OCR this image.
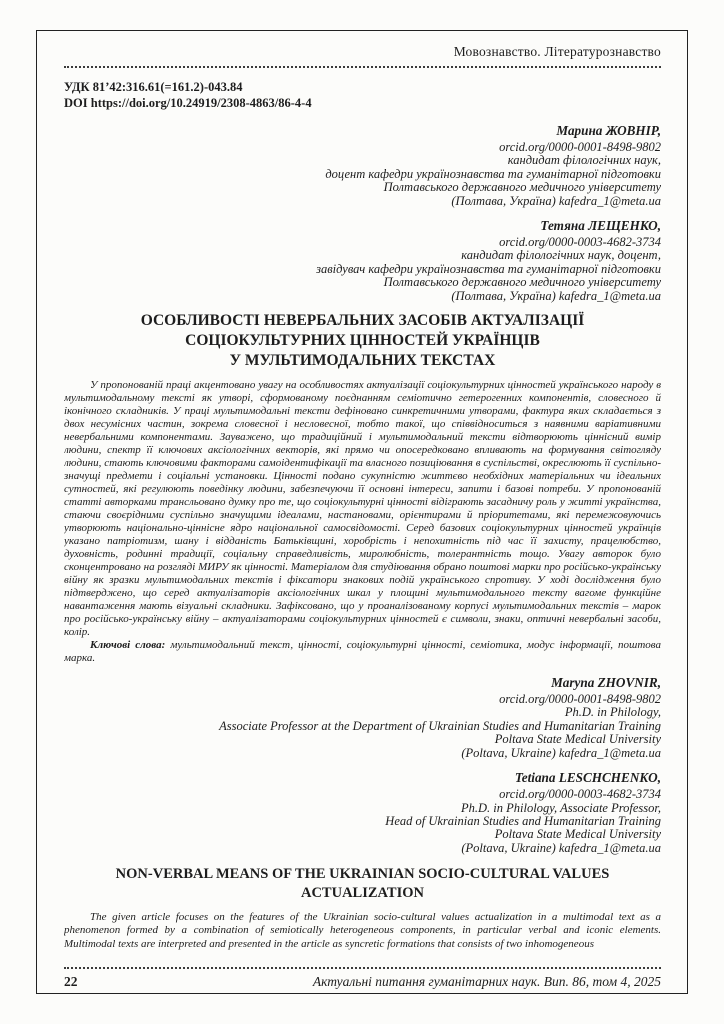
Мовознавство. Літературознавство
УДК 81’42:316.61(=161.2)-043.84
DOI https://doi.org/10.24919/2308-4863/86-4-4
Марина ЖОВНІР,
orcid.org/0000-0001-8498-9802
кандидат філологічних наук,
доцент кафедри українознавства та гуманітарної підготовки
Полтавського державного медичного університету
(Полтава, Україна) kafedra_1@meta.ua
Тетяна ЛЕЩЕНКО,
orcid.org/0000-0003-4682-3734
кандидат філологічних наук, доцент,
завідувач кафедри українознавства та гуманітарної підготовки
Полтавського державного медичного університету
(Полтава, Україна) kafedra_1@meta.ua
ОСОБЛИВОСТІ НЕВЕРБАЛЬНИХ ЗАСОБІВ АКТУАЛІЗАЦІЇ
СОЦІОКУЛЬТУРНИХ ЦІННОСТЕЙ УКРАЇНЦІВ
У МУЛЬТИМОДАЛЬНИХ ТЕКСТАХ
У пропонованій праці акцентовано увагу на особливостях актуалізації соціокультурних цінностей українського народу в мультимодальному тексті як утворі, сформованому поєднанням семіотично гетерогенних компонентів, словесного й іконічного складників. У праці мультимодальні тексти дефіновано синкретичними утворами, фактура яких складається з двох несумісних частин, зокрема словесної і несловесної, тобто такої, що співвідноситься з наявними варіативними невербальними компонентами. Зауважено, що традиційний і мультимодальний тексти відтворюють ціннісний вимір людини, спектр її ключових аксіологічних векторів, які прямо чи опосередковано впливають на формування світогляду людини, стають ключовими факторами самоідентифікації та власного позиціювання в суспільстві, окреслюють її суспільно-значущі предмети і соціальні установки. Цінності подано сукупністю життєво необхідних матеріальних чи ідеальних сутностей, які регулюють поведінку людини, забезпечуючи її основні інтереси, запити і базові потреби. У пропонованій статті авторками трансльовано думку про те, що соціокультурні цінності відіграють засадничу роль у житті українства, стаючи своєрідними суспільно значущими ідеалами, настановами, орієнтирами й пріоритетами, які перемежовуючись утворюють національно-ціннісне ядро національної самосвідомості. Серед базових соціокультурних цінностей українців указано патріотизм, шану і відданість Батьківщині, хоробрість і непохитність під час її захисту, працелюбство, духовність, родинні традиції, соціальну справедливість, миролюбність, толерантність тощо. Увагу авторок було сконцентровано на розгляді МИРУ як цінності. Матеріалом для студіювання обрано поштові марки про російсько-українську війну як зразки мультимодальних текстів і фіксатори знакових подій українського спротиву. У ході дослідження було підтверджено, що серед актуалізаторів аксіологічних шкал у площині мультимодального тексту вагоме функційне навантаження мають візуальні складники. Зафіксовано, що у проаналізованому корпусі мультимодальних текстів – марок про російсько-українську війну – актуалізаторами соціокультурних цінностей є символи, знаки, оптичні невербальні засоби, колір.
Ключові слова: мультимодальний текст, цінності, соціокультурні цінності, семіотика, модус інформації, поштова марка.
Maryna ZHOVNIR,
orcid.org/0000-0001-8498-9802
Ph.D. in Philology,
Associate Professor at the Department of Ukrainian Studies and Humanitarian Training
Poltava State Medical University
(Poltava, Ukraine) kafedra_1@meta.ua
Tetiana LESCHCHENKO,
orcid.org/0000-0003-4682-3734
Ph.D. in Philology, Associate Professor,
Head of Ukrainian Studies and Humanitarian Training
Poltava State Medical University
(Poltava, Ukraine) kafedra_1@meta.ua
NON-VERBAL MEANS OF THE UKRAINIAN SOCIO-CULTURAL VALUES
ACTUALIZATION
The given article focuses on the features of the Ukrainian socio-cultural values actualization in a multimodal text as a phenomenon formed by a combination of semiotically heterogeneous components, in particular verbal and iconic elements. Multimodal texts are interpreted and presented in the article as syncretic formations that consists of two inhomogeneous
22	Актуальні питання гуманітарних наук. Вип. 86, том 4, 2025
